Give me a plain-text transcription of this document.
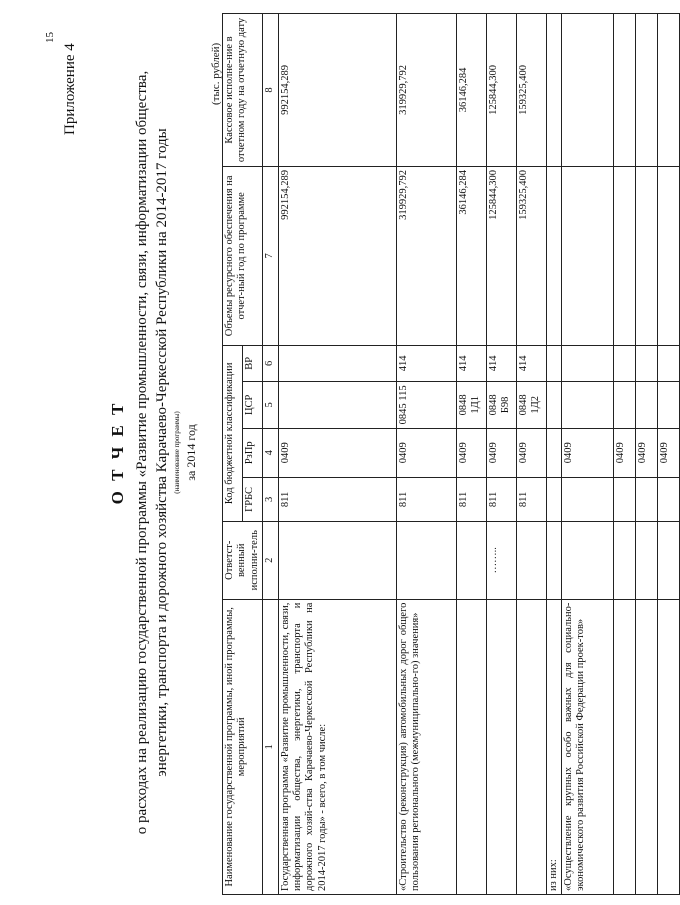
15
Приложение 4
О Т Ч Е Т о расходах на реализацию государственной программы «Развитие промышленности, связи, информатизации общества, энергетики, транспорта и дорожного хозяйства Карачаево-Черкесской Республики на 2014-2017 годы (наименование программы) за 2014 год
(тыс. рублей)
Наименование государственной программы, иной программы, мероприятий	Ответст-венный исполни-тель	Код бюджетной классификации				Объемы ресурсного обеспечения на отчет-ный год по программе	Кассовое исполне-ние в отчетном году на отчетную дату
		ГРБС	РзПр	ЦСР	ВР		
1	2	3	4	5	6	7	8
Государственная программа «Развитие промышленности, связи, информатизации общества, энергетики, транспорта и дорожного хозяй-ства Карачаево-Черкесской Республики на 2014-2017 годы» - всего, в том числе:		811	0409			992154,289	992154,289
«Строительство (реконструкция) автомобильных дорог общего пользования регионального (межмуниципально-го) значения»		811	0409	0845 115	414	319929,792	319929,792
		811	0409	0848 1Д1	414	36146,284	36146,284
	……..	811	0409	0848 Б98	414	125844,300	125844,300
		811	0409	0848 1Д2	414	159325,400	159325,400
из них:							
«Осуществление крупных особо важных для социально-экономического развития Российской Федерации проек-тов»			0409				
			0409				
			0409				
			0409				
